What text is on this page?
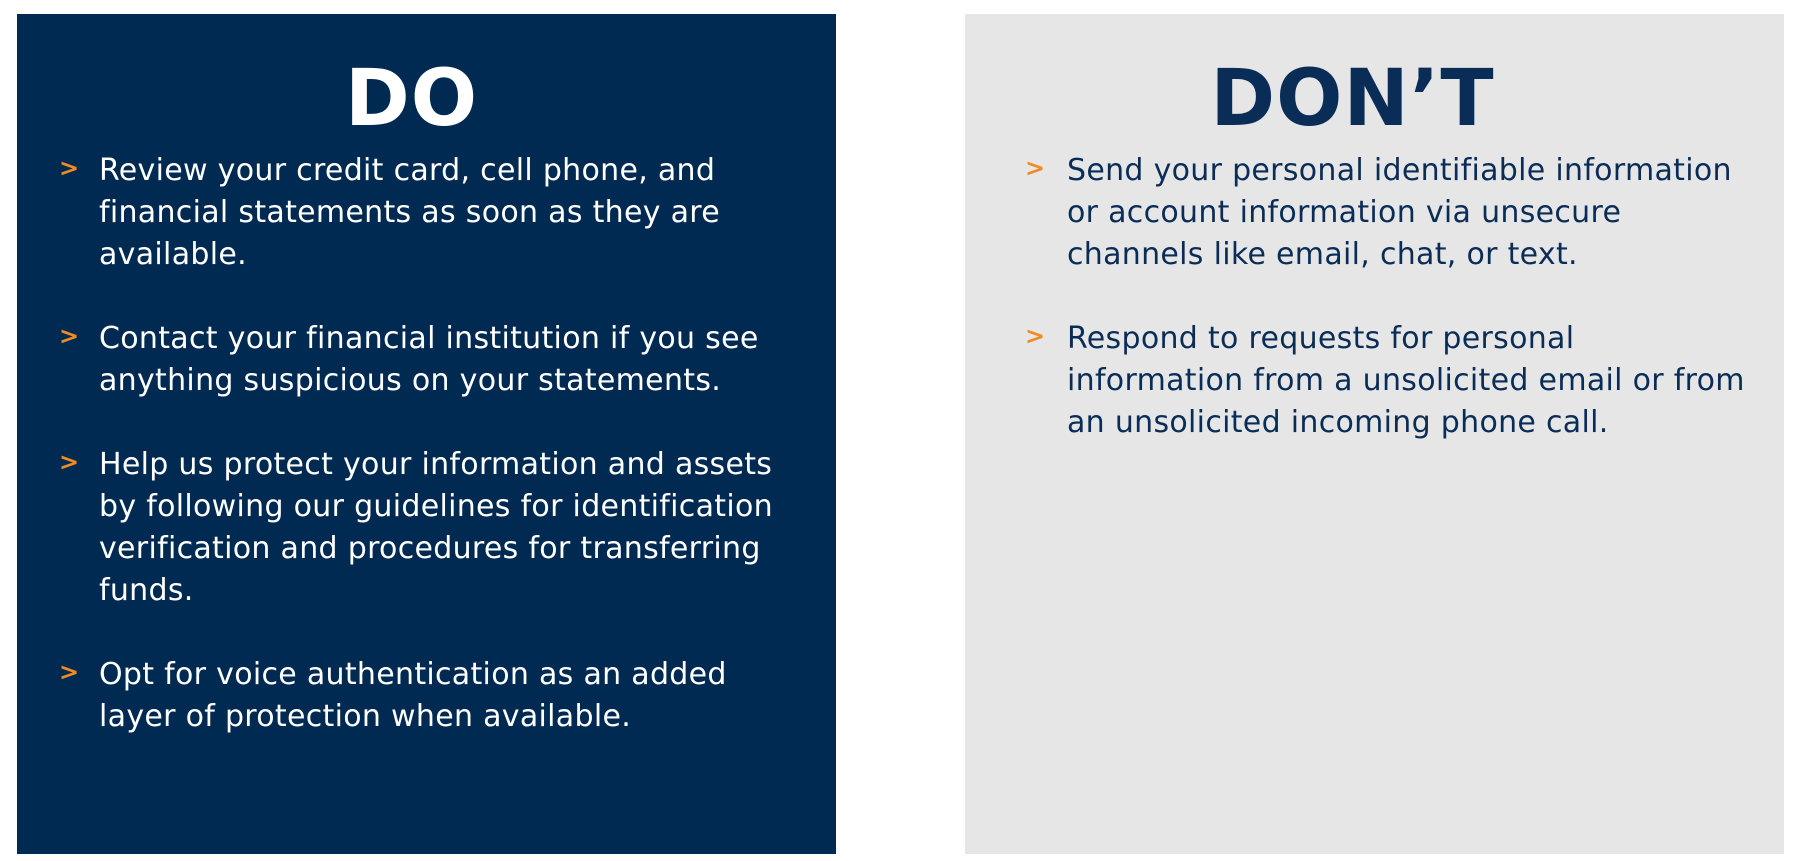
DO
> Review your credit card, cell phone, and financial statements as soon as they are available.
> Contact your financial institution if you see anything suspicious on your statements.
> Help us protect your information and assets by following our guidelines for identification verification and procedures for transferring funds.
> Opt for voice authentication as an added layer of protection when available.
DON’T
> Send your personal identifiable information or account information via unsecure channels like email, chat, or text.
> Respond to requests for personal information from a unsolicited email or from an unsolicited incoming phone call.
